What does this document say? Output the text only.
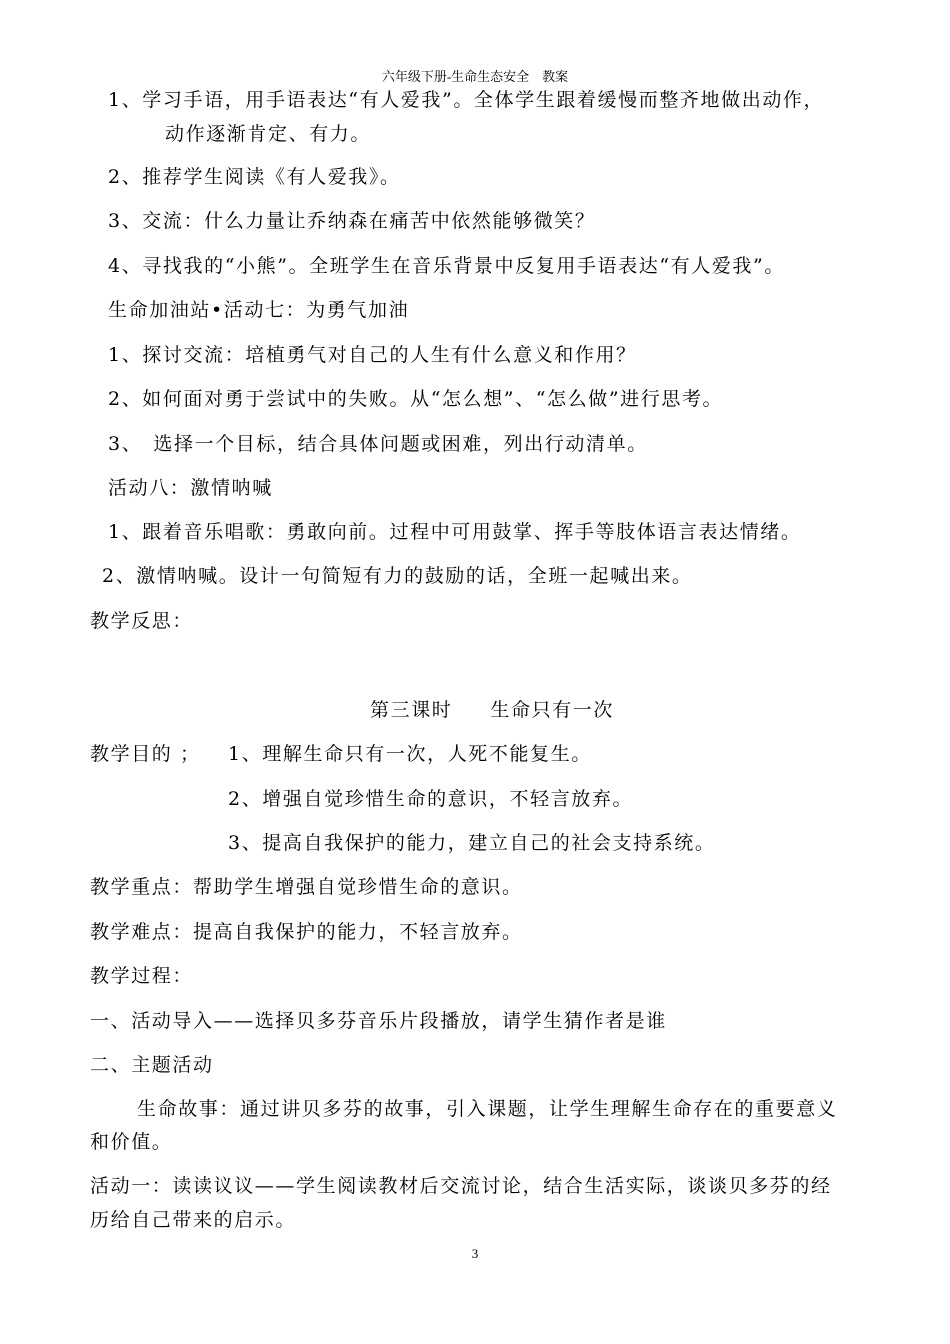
六年级下册-生命生态安全　教案
1、学习手语，用手语表达“有人爱我”。全体学生跟着缓慢而整齐地做出动作，
动作逐渐肯定、有力。
2、推荐学生阅读《有人爱我》。
3、交流：什么力量让乔纳森在痛苦中依然能够微笑？
4、寻找我的“小熊”。全班学生在音乐背景中反复用手语表达“有人爱我”。
生命加油站•活动七：为勇气加油
1、探讨交流：培植勇气对自己的人生有什么意义和作用？
2、如何面对勇于尝试中的失败。从“怎么想”、“怎么做”进行思考。
3、　选择一个目标，结合具体问题或困难，列出行动清单。
活动八：激情呐喊
1、跟着音乐唱歌：勇敢向前。过程中可用鼓掌、挥手等肢体语言表达情绪。
2、激情呐喊。设计一句简短有力的鼓励的话，全班一起喊出来。
教学反思：
第三课时 生命只有一次
教学目的 ； 1、理解生命只有一次，人死不能复生。
2、增强自觉珍惜生命的意识，不轻言放弃。
3、提高自我保护的能力，建立自己的社会支持系统。
教学重点：帮助学生增强自觉珍惜生命的意识。
教学难点：提高自我保护的能力，不轻言放弃。
教学过程：
一、活动导入——选择贝多芬音乐片段播放，请学生猜作者是谁
二、主题活动
生命故事：通过讲贝多芬的故事，引入课题，让学生理解生命存在的重要意义
和价值。
活动一：读读议议——学生阅读教材后交流讨论，结合生活实际，谈谈贝多芬的经
历给自己带来的启示。
3
